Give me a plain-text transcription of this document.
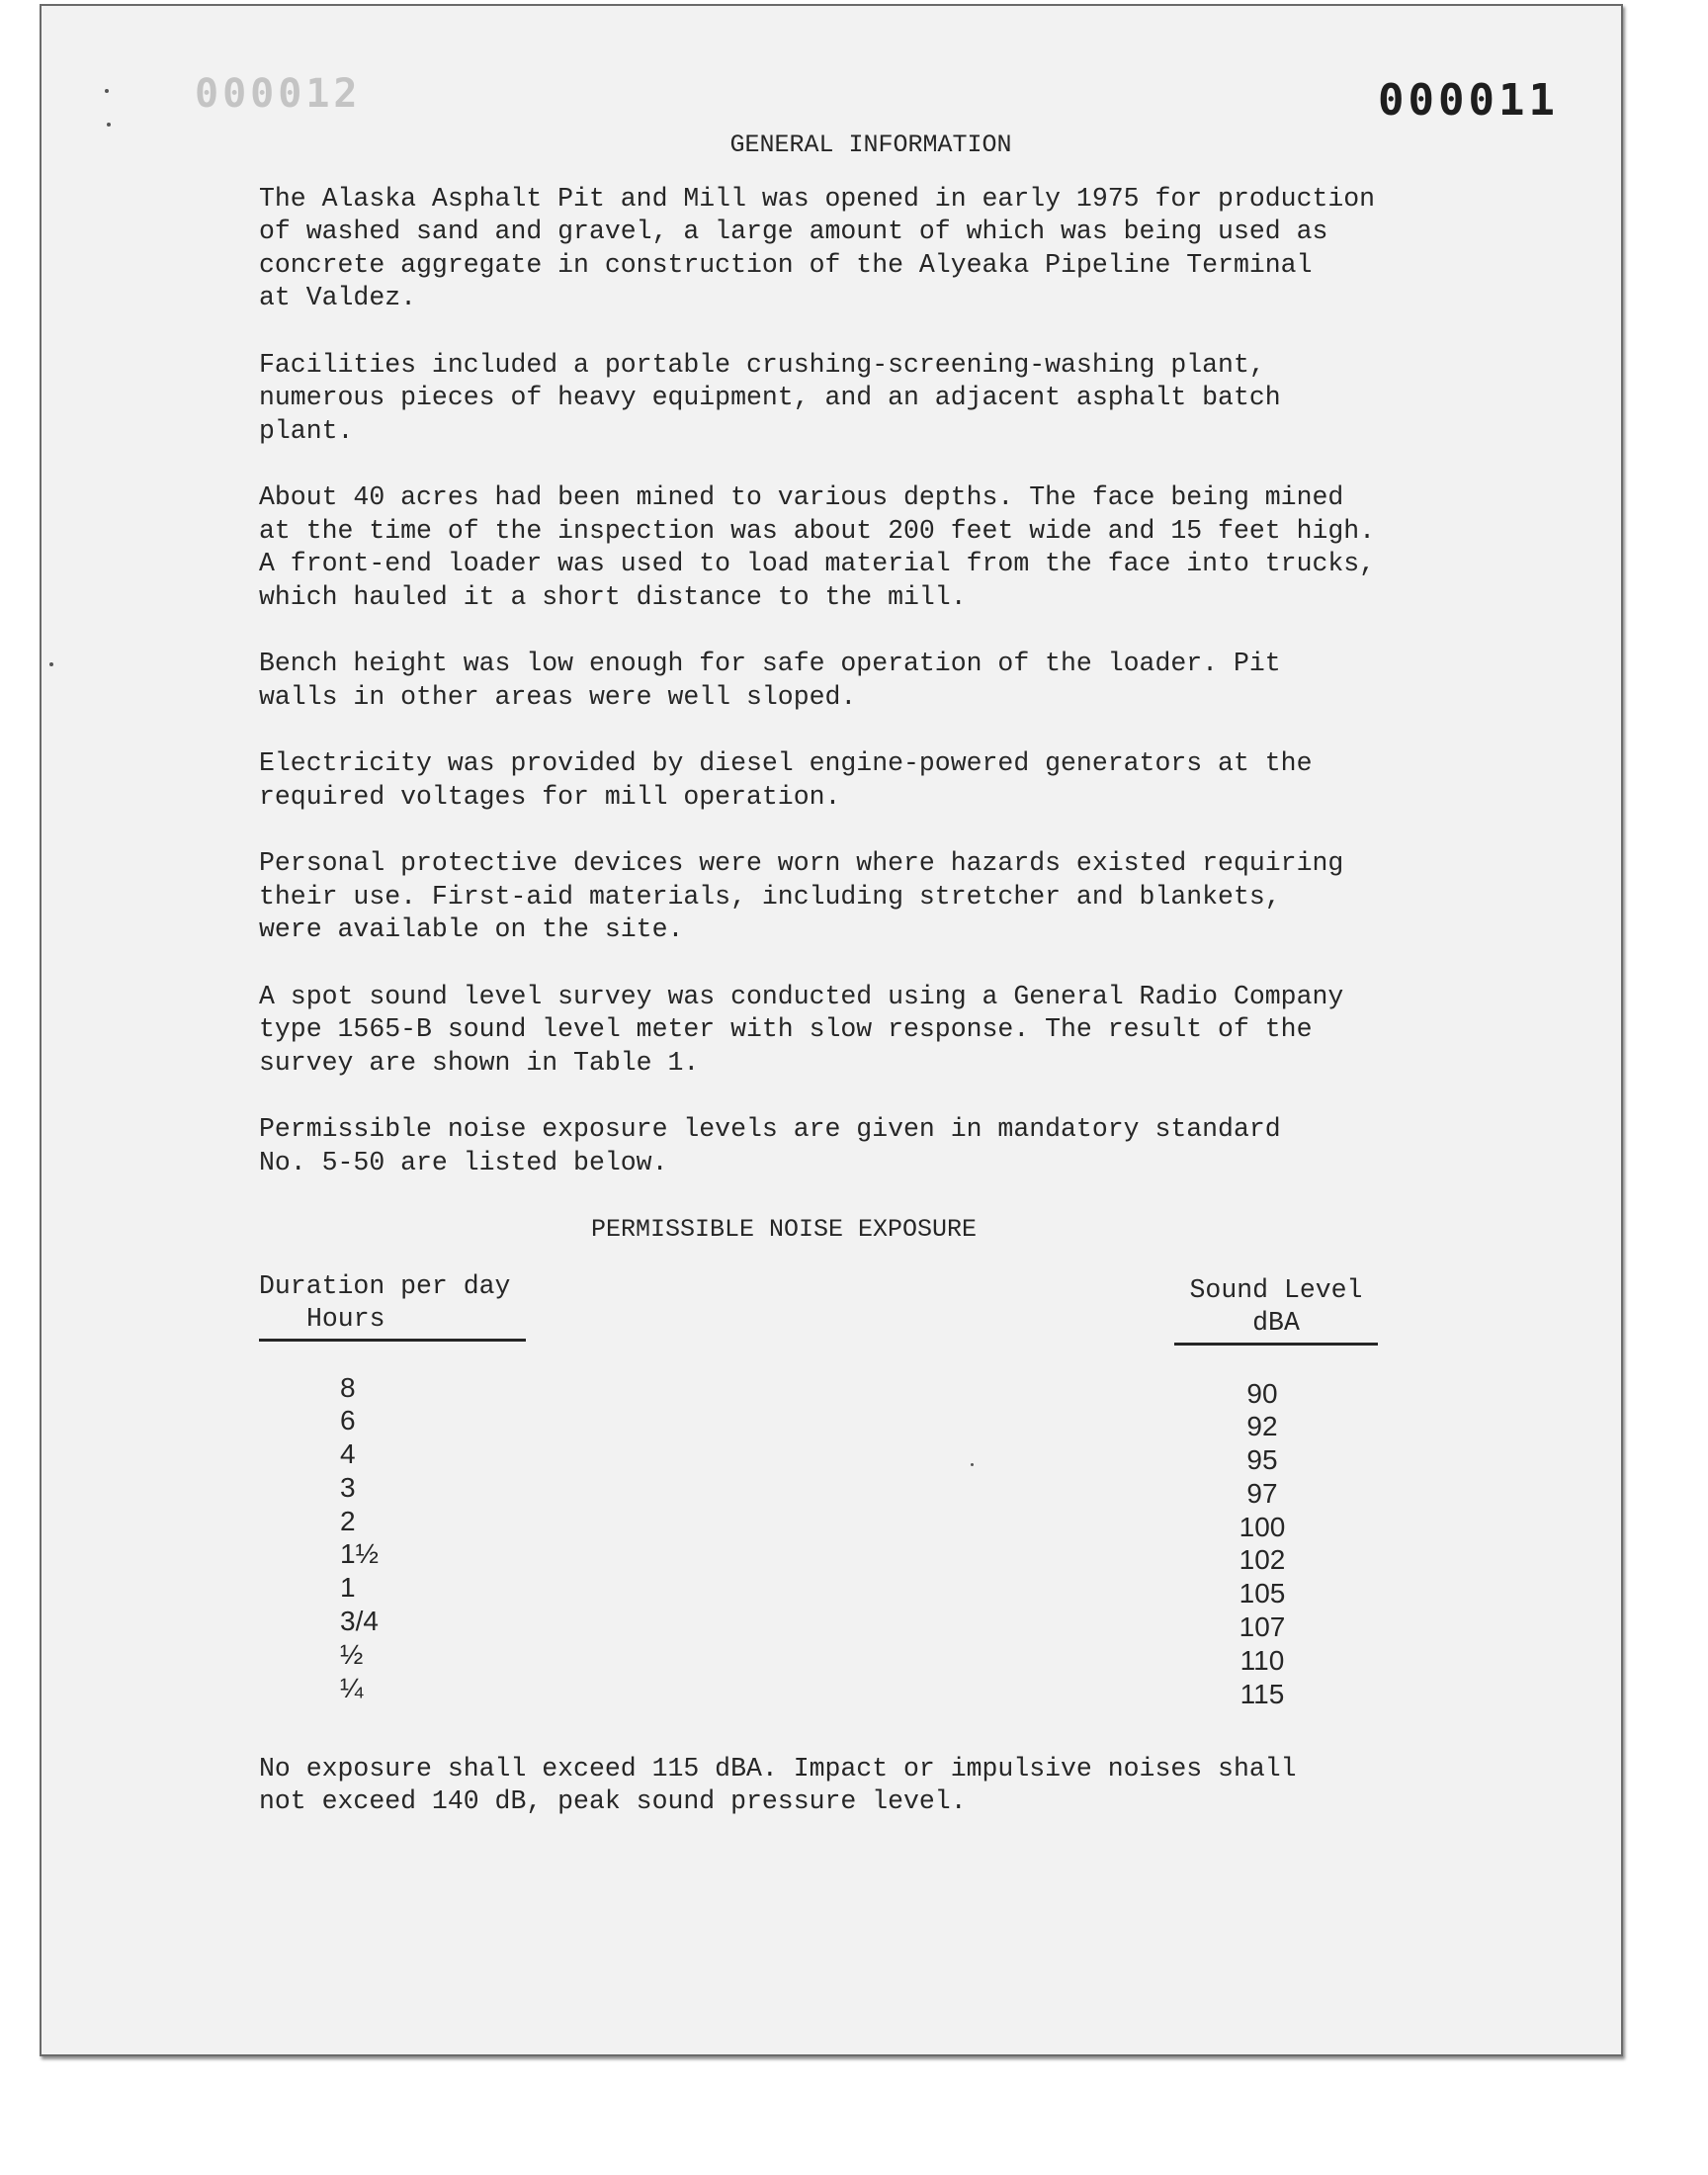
000012	000011
GENERAL INFORMATION
The Alaska Asphalt Pit and Mill was opened in early 1975 for production
of washed sand and gravel, a large amount of which was being used as
concrete aggregate in construction of the Alyeaka Pipeline Terminal
at Valdez.
Facilities included a portable crushing-screening-washing plant,
numerous pieces of heavy equipment, and an adjacent asphalt batch
plant.
About 40 acres had been mined to various depths. The face being mined
at the time of the inspection was about 200 feet wide and 15 feet high.
A front-end loader was used to load material from the face into trucks,
which hauled it a short distance to the mill.
Bench height was low enough for safe operation of the loader. Pit
walls in other areas were well sloped.
Electricity was provided by diesel engine-powered generators at the
required voltages for mill operation.
Personal protective devices were worn where hazards existed requiring
their use. First-aid materials, including stretcher and blankets,
were available on the site.
A spot sound level survey was conducted using a General Radio Company
type 1565-B sound level meter with slow response. The result of the
survey are shown in Table 1.
Permissible noise exposure levels are given in mandatory standard
No. 5-50 are listed below.
PERMISSIBLE NOISE EXPOSURE
Duration per day
Hours
Sound Level
dBA
8
6
4
3
2
1½
1
3/4
½
¼
90
92
95
97
100
102
105
107
110
115
No exposure shall exceed 115 dBA. Impact or impulsive noises shall
not exceed 140 dB, peak sound pressure level.
